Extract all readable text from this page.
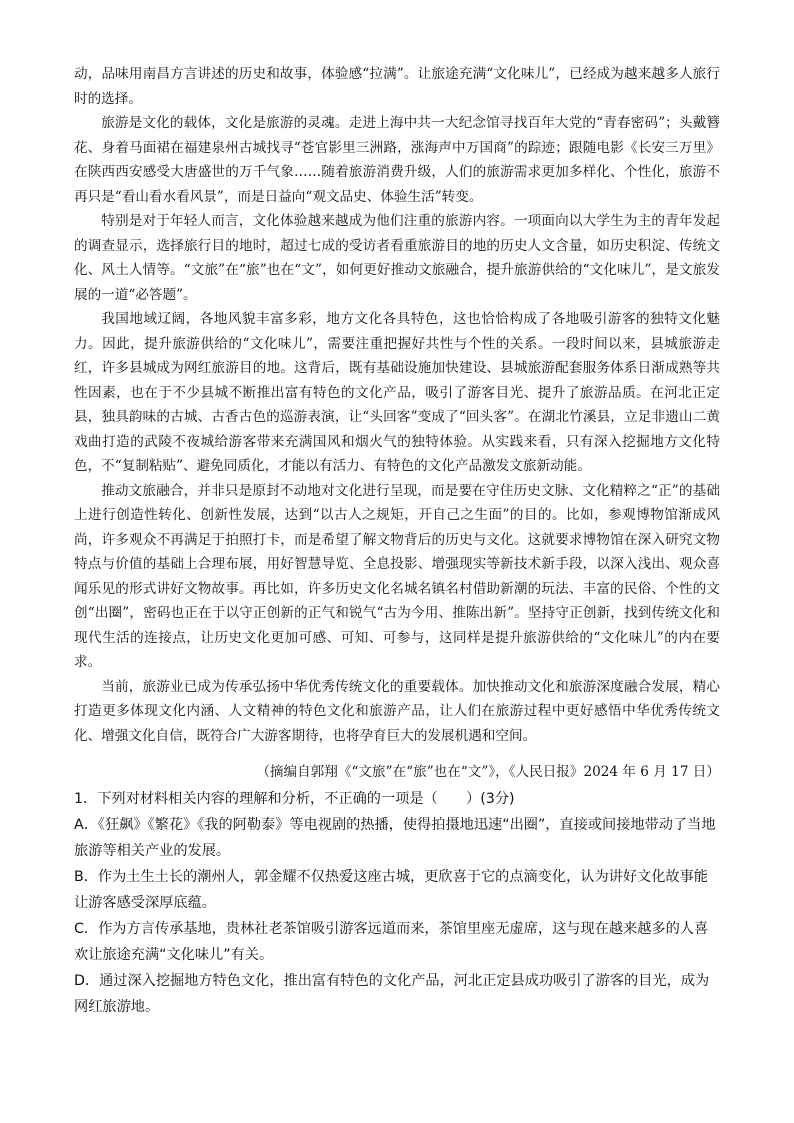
动，品味用南昌方言讲述的历史和故事，体验感“拉满”。让旅途充满“文化味儿”，已经成为越来越多人旅行时的选择。

旅游是文化的载体，文化是旅游的灵魂。走进上海中共一大纪念馆寻找百年大党的“青春密码”；头戴簪花、身着马面裙在福建泉州古城找寻“苍官影里三洲路，涨海声中万国商”的踪迹；跟随电影《长安三万里》在陕西西安感受大唐盛世的万千气象……随着旅游消费升级，人们的旅游需求更加多样化、个性化，旅游不再只是“看山看水看风景”，而是日益向“观文品史、体验生活”转变。

特别是对于年轻人而言，文化体验越来越成为他们注重的旅游内容。一项面向以大学生为主的青年发起的调查显示，选择旅行目的地时，超过七成的受访者看重旅游目的地的历史人文含量，如历史积淀、传统文化、风土人情等。“文旅”在“旅”也在“文”，如何更好推动文旅融合，提升旅游供给的“文化味儿”，是文旅发展的一道“必答题”。

我国地域辽阔，各地风貌丰富多彩，地方文化各具特色，这也恰恰构成了各地吸引游客的独特文化魅力。因此，提升旅游供给的“文化味儿”，需要注重把握好共性与个性的关系。一段时间以来，县城旅游走红，许多县城成为网红旅游目的地。这背后，既有基础设施加快建设、县城旅游配套服务体系日渐成熟等共性因素，也在于不少县城不断推出富有特色的文化产品，吸引了游客目光、提升了旅游品质。在河北正定县，独具韵味的古城、古香古色的巡游表演，让“头回客”变成了“回头客”。在湖北竹溪县，立足非遗山二黄戏曲打造的武陵不夜城给游客带来充满国风和烟火气的独特体验。从实践来看，只有深入挖掘地方文化特色，不“复制粘贴”、避免同质化，才能以有活力、有特色的文化产品激发文旅新动能。

推动文旅融合，并非只是原封不动地对文化进行呈现，而是要在守住历史文脉、文化精粹之“正”的基础上进行创造性转化、创新性发展，达到“以古人之规矩，开自己之生面”的目的。比如，参观博物馆渐成风尚，许多观众不再满足于拍照打卡，而是希望了解文物背后的历史与文化。这就要求博物馆在深入研究文物特点与价值的基础上合理布展，用好智慧导览、全息投影、增强现实等新技术新手段，以深入浅出、观众喜闻乐见的形式讲好文物故事。再比如，许多历史文化名城名镇名村借助新潮的玩法、丰富的民俗、个性的文创“出圈”，密码也正在于以守正创新的正气和锐气“古为今用、推陈出新”。坚持守正创新，找到传统文化和现代生活的连接点，让历史文化更加可感、可知、可参与，这同样是提升旅游供给的“文化味儿”的内在要求。

当前，旅游业已成为传承弘扬中华优秀传统文化的重要载体。加快推动文化和旅游深度融合发展，精心打造更多体现文化内涵、人文精神的特色文化和旅游产品，让人们在旅游过程中更好感悟中华优秀传统文化、增强文化自信，既符合广大游客期待，也将孕育巨大的发展机遇和空间。

（摘编自郭翔《“文旅”在“旅”也在“文”》，《人民日报》2024 年 6 月 17 日）

1．下列对材料相关内容的理解和分析，不正确的一项是（　　）(3分)

A．《狂飙》《繁花》《我的阿勒泰》等电视剧的热播，使得拍摄地迅速“出圈”，直接或间接地带动了当地旅游等相关产业的发展。

B．作为土生土长的潮州人，郭金耀不仅热爱这座古城，更欣喜于它的点滴变化，认为讲好文化故事能让游客感受深厚底蕴。

C．作为方言传承基地，贵林社老茶馆吸引游客远道而来，茶馆里座无虚席，这与现在越来越多的人喜欢让旅途充满“文化味儿”有关。

D．通过深入挖掘地方特色文化，推出富有特色的文化产品，河北正定县成功吸引了游客的目光，成为网红旅游地。
